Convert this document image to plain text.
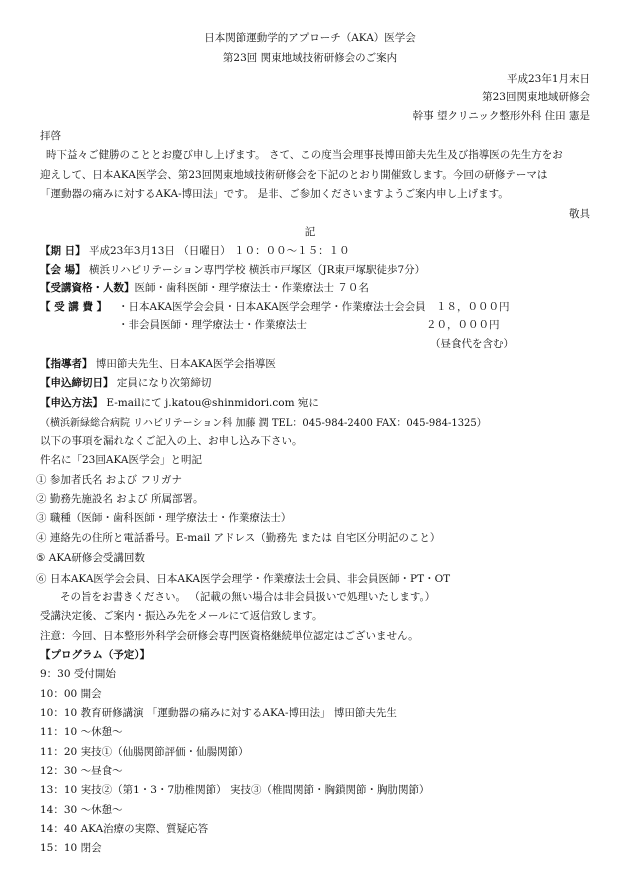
日本関節運動学的アプローチ（AKA）医学会
第23回 関東地域技術研修会のご案内
平成23年1月末日
第23回関東地域研修会
幹事 望クリニック整形外科 住田 憲是
拝啓
時下益々ご健勝のこととお慶び申し上げます。 さて、この度当会理事長博田節夫先生及び指導医の先生方をお
迎えして、日本AKA医学会、第23回関東地域技術研修会を下記のとおり開催致します。今回の研修テーマは
「運動器の痛みに対するAKA-博田法」です。 是非、ご参加くださいますようご案内申し上げます。
敬具
記
【期 日】 平成23年3月13日 （日曜日） １０：００～１５：１０
【会 場】 横浜リハビリテーション専門学校 横浜市戸塚区（JR東戸塚駅徒歩7分）
【受講資格・人数】医師・歯科医師・理学療法士・作業療法士 ７０名
【 受 講 費 】 ・日本AKA医学会会員・日本AKA医学会理学・作業療法士会会員 １８，０００円
・非会員医師・理学療法士・作業療法士	２０，０００円
（昼食代を含む）
【指導者】 博田節夫先生、日本AKA医学会指導医
【申込締切日】 定員になり次第締切
【申込方法】 E-mailにて j.katou@shinmidori.com 宛に
（横浜新緑総合病院 リハビリテーション科 加藤 潤 TEL：045-984-2400 FAX：045-984-1325）
以下の事項を漏れなくご記入の上、お申し込み下さい。
件名に「23回AKA医学会」と明記
① 参加者氏名 および フリガナ
② 勤務先施設名 および 所属部署。
③ 職種（医師・歯科医師・理学療法士・作業療法士）
④ 連絡先の住所と電話番号。E-mail アドレス（勤務先 または 自宅区分明記のこと）
⑤ AKA研修会受講回数
⑥ 日本AKA医学会会員、日本AKA医学会理学・作業療法士会員、非会員医師・PT・OT
その旨をお書きください。 （記載の無い場合は非会員扱いで処理いたします。）
受講決定後、ご案内・振込み先をメールにて返信致します。
注意：今回、日本整形外科学会研修会専門医資格継続単位認定はございません。
【プログラム（予定）】
9：30 受付開始
10：00 開会
10：10 教育研修講演 「運動器の痛みに対するAKA-博田法」 博田節夫先生
11：10 ～休憩～
11：20 実技①（仙腸関節評価・仙腸関節）
12：30 ～昼食～
13：10 実技②（第1・3・7肋椎関節） 実技③（椎間関節・胸鎖関節・胸肋関節）
14：30 ～休憩～
14：40 AKA治療の実際、質疑応答
15：10 閉会
